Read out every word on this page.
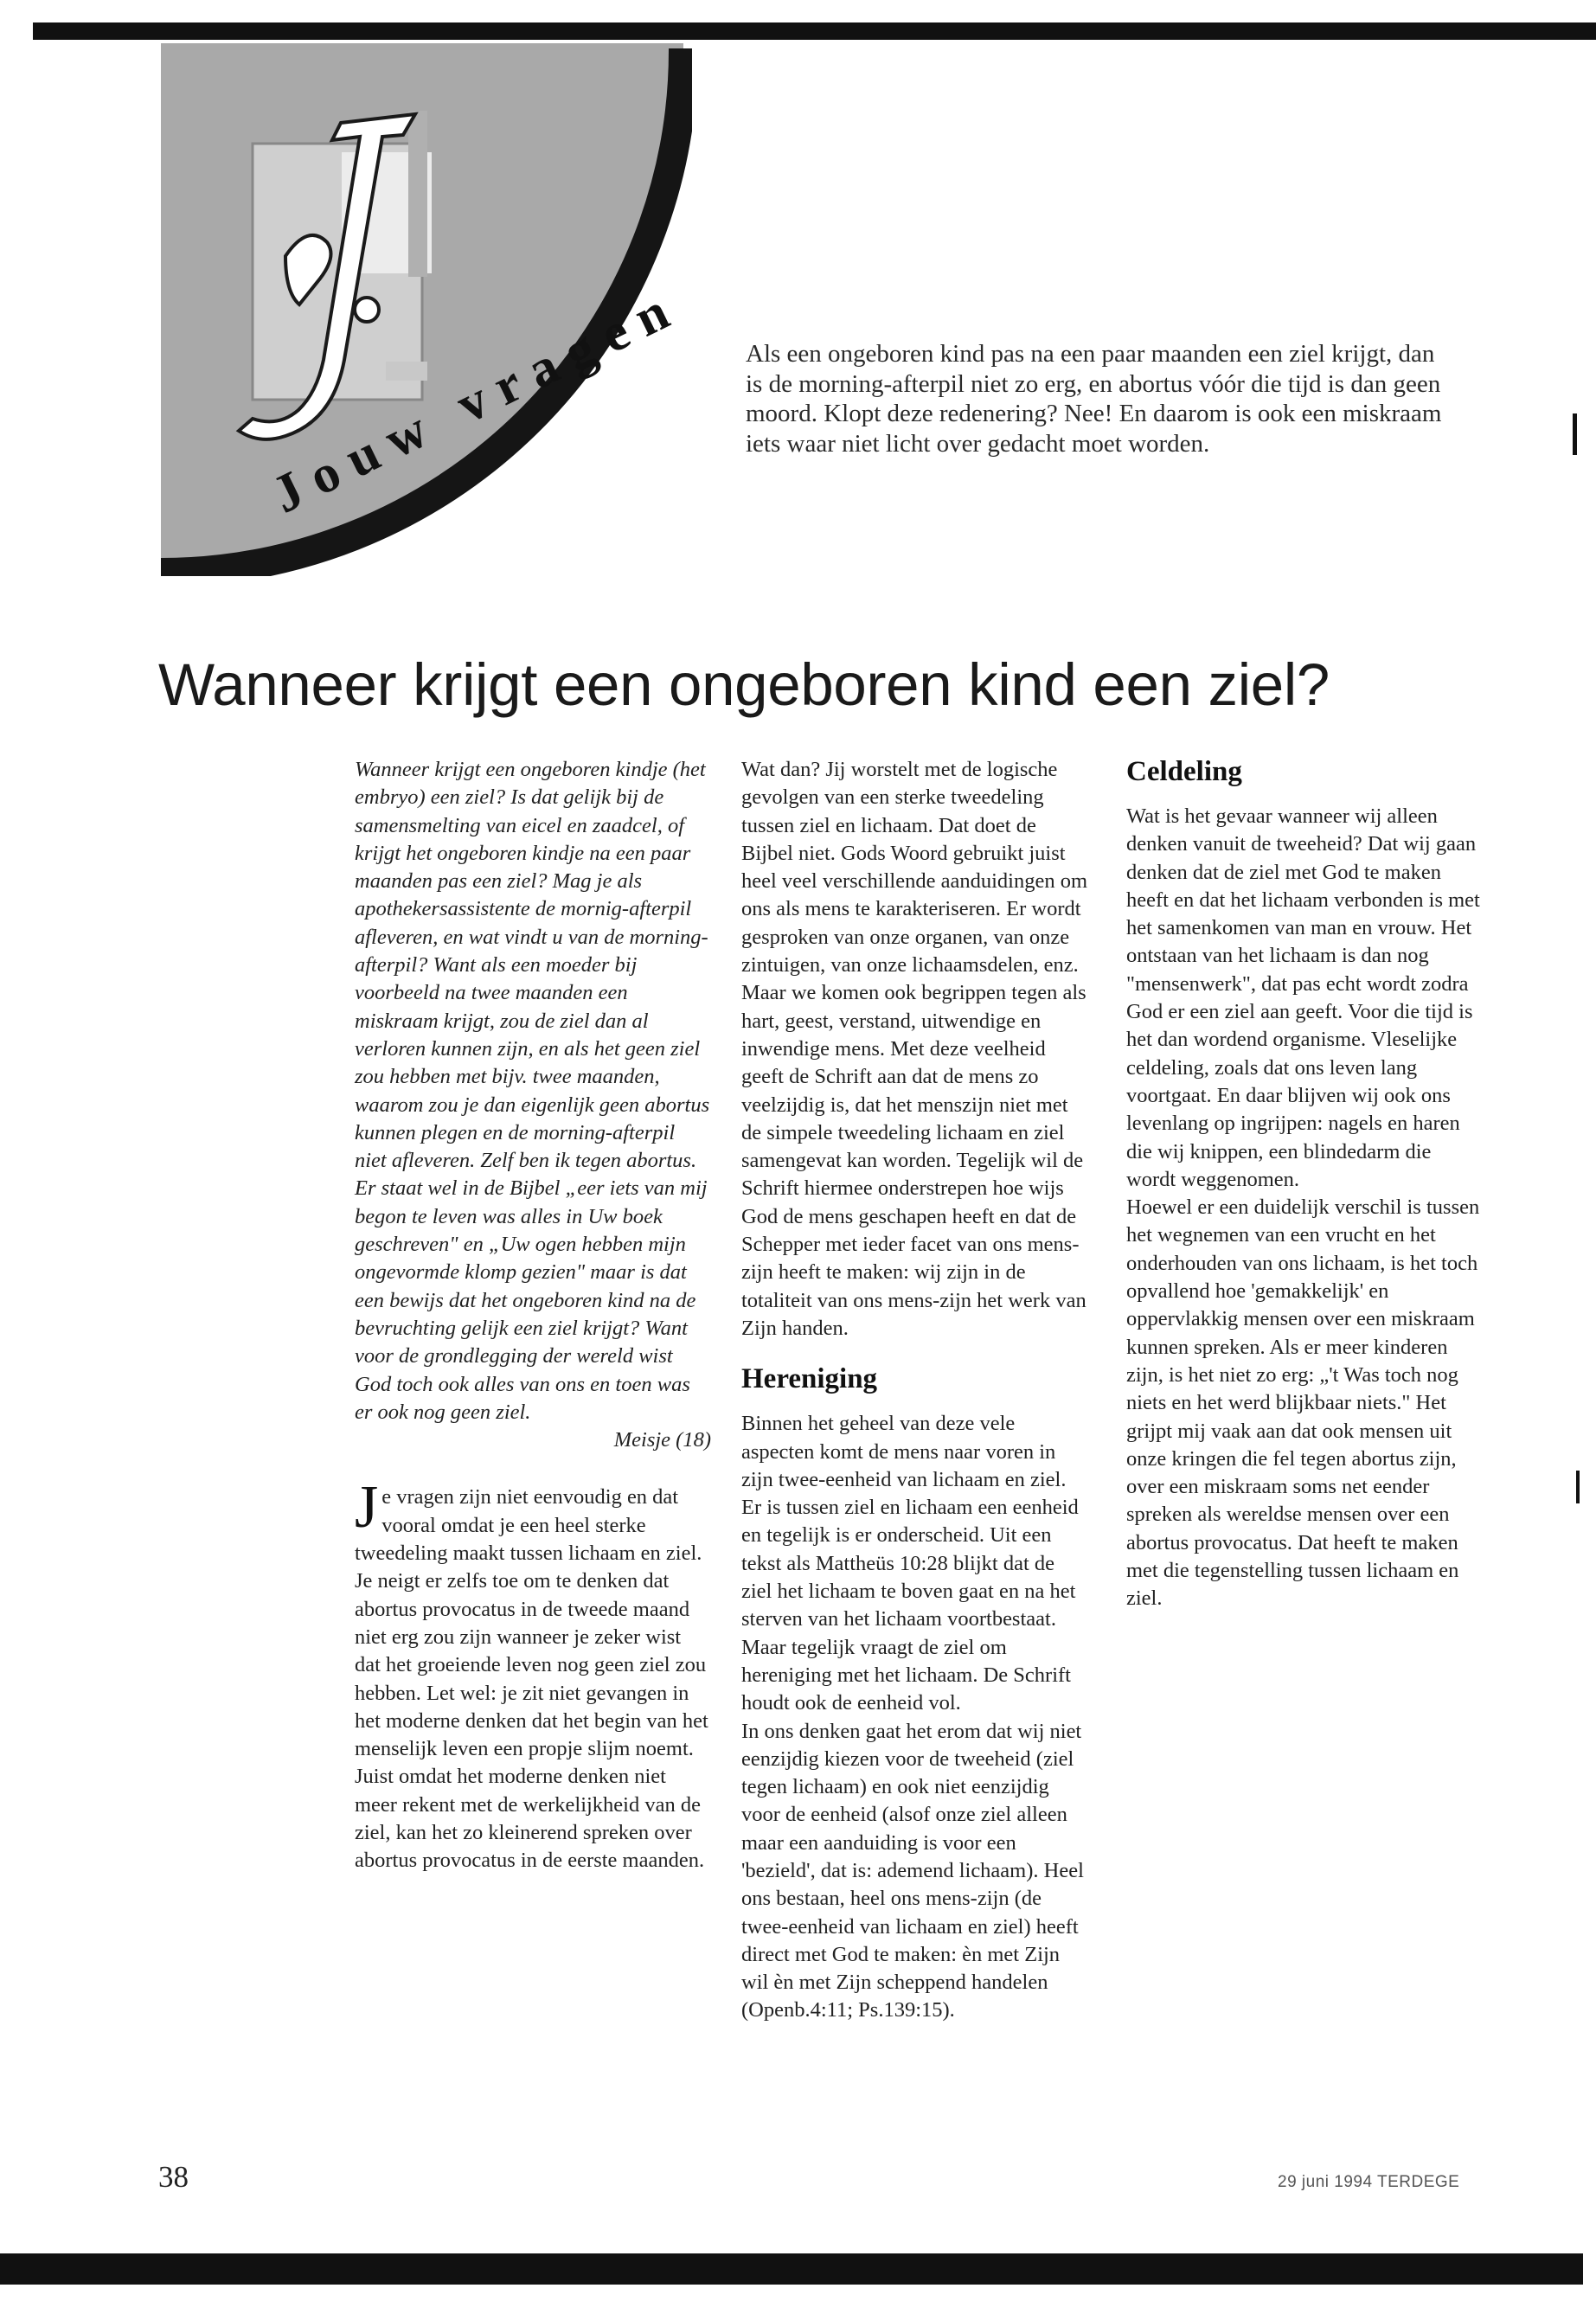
J
Jouw vragen

Als een ongeboren kind pas na een paar maanden een ziel krijgt, dan is de morning-afterpil niet zo erg, en abortus vóór die tijd is dan geen moord. Klopt deze redenering? Nee! En daarom is ook een miskraam iets waar niet licht over gedacht moet worden.

Wanneer krijgt een ongeboren kind een ziel?

Wanneer krijgt een ongeboren kindje (het embryo) een ziel? Is dat gelijk bij de samensmelting van eicel en zaadcel, of krijgt het ongeboren kindje na een paar maanden pas een ziel? Mag je als apothekersassistente de mornig-afterpil afleveren, en wat vindt u van de morning-afterpil? Want als een moeder bij voorbeeld na twee maanden een miskraam krijgt, zou de ziel dan al verloren kunnen zijn, en als het geen ziel zou hebben met bijv. twee maanden, waarom zou je dan eigenlijk geen abortus kunnen plegen en de morning-afterpil niet afleveren. Zelf ben ik tegen abortus. Er staat wel in de Bijbel „eer iets van mij begon te leven was alles in Uw boek geschreven" en „Uw ogen hebben mijn ongevormde klomp gezien" maar is dat een bewijs dat het ongeboren kind na de bevruchting gelijk een ziel krijgt? Want voor de grondlegging der wereld wist God toch ook alles van ons en toen was er ook nog geen ziel.

Meisje (18)

Je vragen zijn niet eenvoudig en dat vooral omdat je een heel sterke tweedeling maakt tussen lichaam en ziel. Je neigt er zelfs toe om te denken dat abortus provocatus in de tweede maand niet erg zou zijn wanneer je zeker wist dat het groeiende leven nog geen ziel zou hebben. Let wel: je zit niet gevangen in het moderne denken dat het begin van het menselijk leven een propje slijm noemt. Juist omdat het moderne denken niet meer rekent met de werkelijkheid van de ziel, kan het zo kleinerend spreken over abortus provocatus in de eerste maanden.

Wat dan? Jij worstelt met de logische gevolgen van een sterke tweedeling tussen ziel en lichaam. Dat doet de Bijbel niet. Gods Woord gebruikt juist heel veel verschillende aanduidingen om ons als mens te karakteriseren. Er wordt gesproken van onze organen, van onze zintuigen, van onze lichaamsdelen, enz. Maar we komen ook begrippen tegen als hart, geest, verstand, uitwendige en inwendige mens. Met deze veelheid geeft de Schrift aan dat de mens zo veelzijdig is, dat het menszijn niet met de simpele tweedeling lichaam en ziel samengevat kan worden. Tegelijk wil de Schrift hiermee onderstrepen hoe wijs God de mens geschapen heeft en dat de Schepper met ieder facet van ons mens-zijn heeft te maken: wij zijn in de totaliteit van ons mens-zijn het werk van Zijn handen.

Hereniging

Binnen het geheel van deze vele aspecten komt de mens naar voren in zijn twee-eenheid van lichaam en ziel. Er is tussen ziel en lichaam een eenheid en tegelijk is er onderscheid. Uit een tekst als Mattheüs 10:28 blijkt dat de ziel het lichaam te boven gaat en na het sterven van het lichaam voortbestaat. Maar tegelijk vraagt de ziel om hereniging met het lichaam. De Schrift houdt ook de eenheid vol.

In ons denken gaat het erom dat wij niet eenzijdig kiezen voor de tweeheid (ziel tegen lichaam) en ook niet eenzijdig voor de eenheid (alsof onze ziel alleen maar een aanduiding is voor een 'bezield', dat is: ademend lichaam). Heel ons bestaan, heel ons mens-zijn (de twee-eenheid van lichaam en ziel) heeft direct met God te maken: èn met Zijn wil èn met Zijn scheppend handelen (Openb.4:11; Ps.139:15).

Celdeling

Wat is het gevaar wanneer wij alleen denken vanuit de tweeheid? Dat wij gaan denken dat de ziel met God te maken heeft en dat het lichaam verbonden is met het samenkomen van man en vrouw. Het ontstaan van het lichaam is dan nog "mensenwerk", dat pas echt wordt zodra God er een ziel aan geeft. Voor die tijd is het dan wordend organisme. Vleselijke celdeling, zoals dat ons leven lang voortgaat. En daar blijven wij ook ons levenlang op ingrijpen: nagels en haren die wij knippen, een blindedarm die wordt weggenomen.

Hoewel er een duidelijk verschil is tussen het wegnemen van een vrucht en het onderhouden van ons lichaam, is het toch opvallend hoe 'gemakkelijk' en oppervlakkig mensen over een miskraam kunnen spreken. Als er meer kinderen zijn, is het niet zo erg: „'t Was toch nog niets en het werd blijkbaar niets." Het grijpt mij vaak aan dat ook mensen uit onze kringen die fel tegen abortus zijn, over een miskraam soms net eender spreken als wereldse mensen over een abortus provocatus. Dat heeft te maken met die tegenstelling tussen lichaam en ziel.

38	29 juni 1994 TERDEGE
